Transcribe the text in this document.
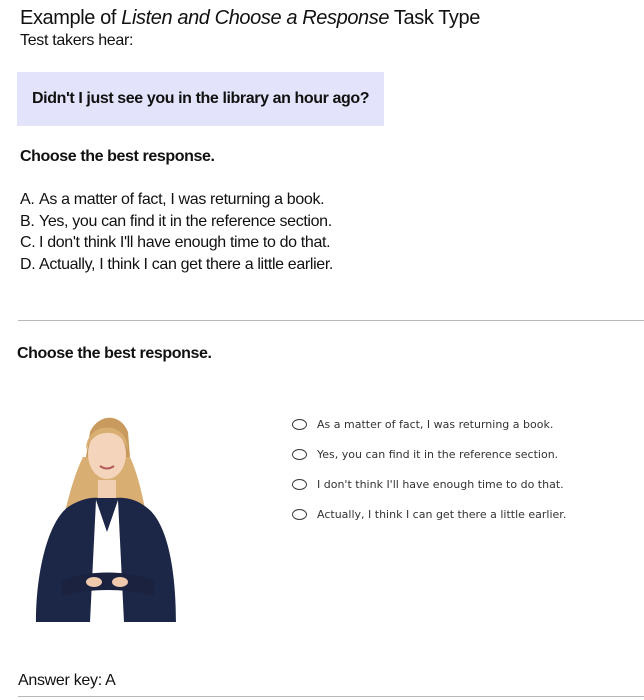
Example of Listen and Choose a Response Task Type
Test takers hear:
Didn't I just see you in the library an hour ago?
Choose the best response.
A. As a matter of fact, I was returning a book.
B. Yes, you can find it in the reference section.
C. I don't think I'll have enough time to do that.
D. Actually, I think I can get there a little earlier.
Choose the best response.
As a matter of fact, I was returning a book.
Yes, you can find it in the reference section.
I don't think I'll have enough time to do that.
Actually, I think I can get there a little earlier.
Answer key: A
